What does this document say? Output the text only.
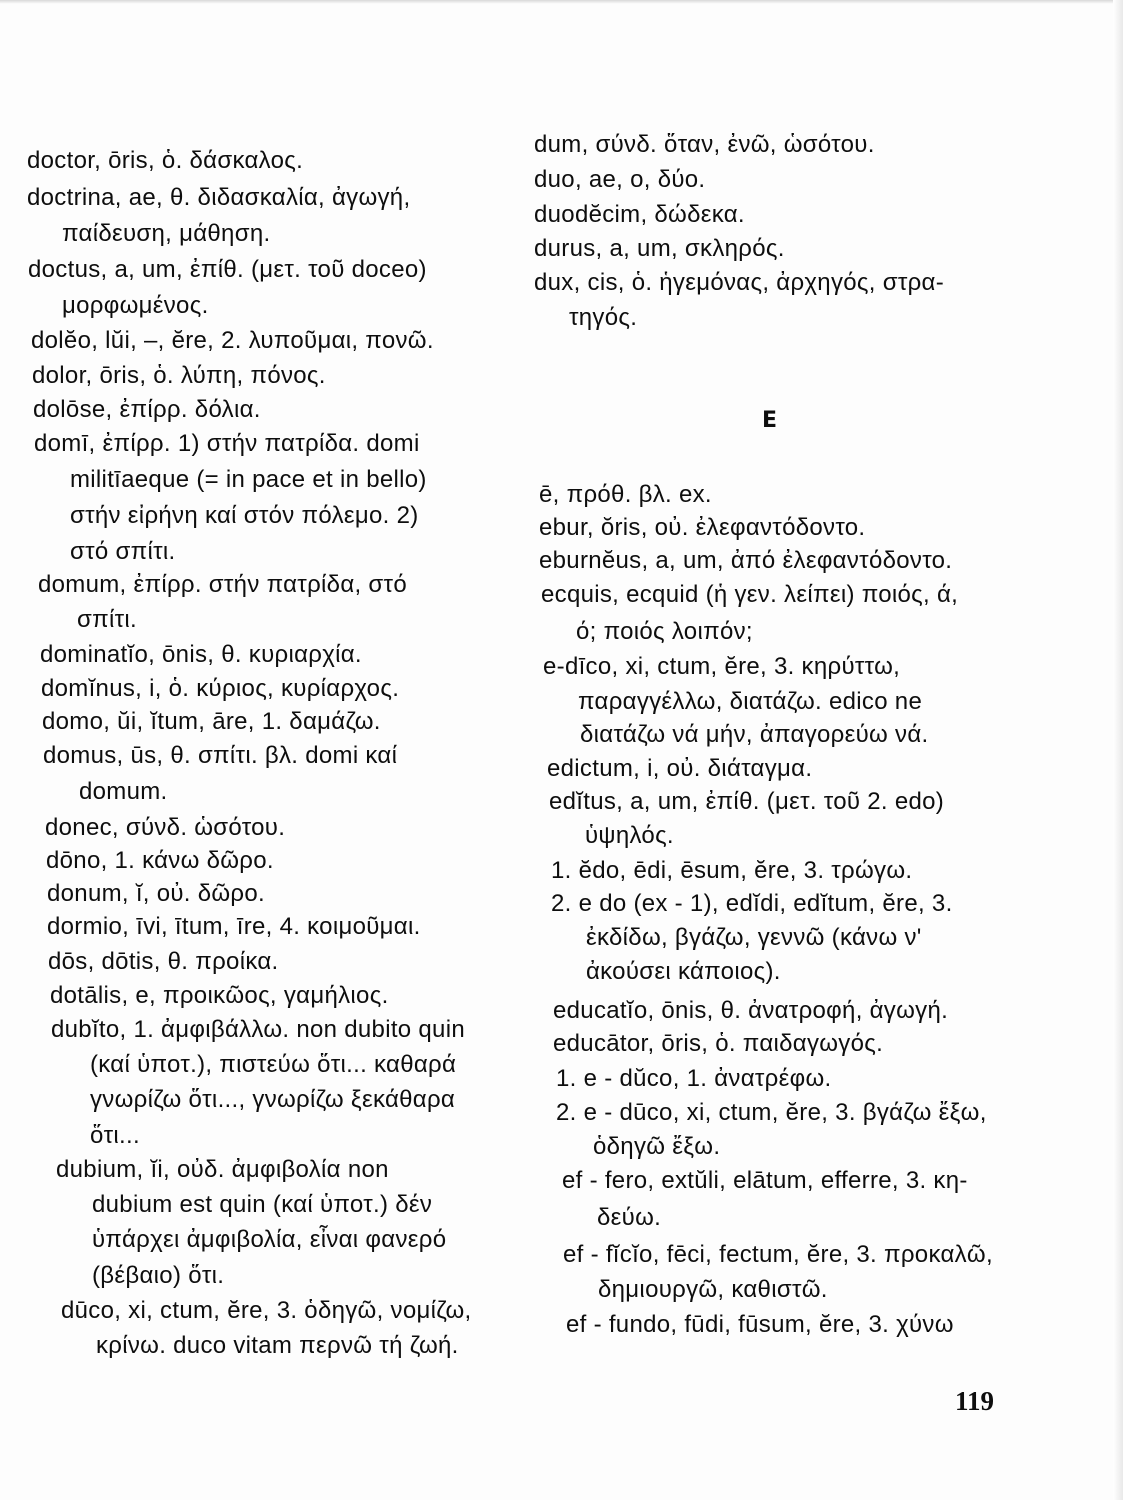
doctor, ōris, ὁ. δάσκαλος.
doctrina, ae, θ. διδασκαλία, ἀγωγή,
παίδευση, μάθηση.
doctus, a, um, ἐπίθ. (μετ. τοῦ doceo)
μορφωμένος.
dolĕo, lŭi, –, ĕre, 2. λυποῦμαι, πονῶ.
dolor, ōris, ὁ. λύπη, πόνος.
dolōse, ἐπίρρ. δόλια.
domī, ἐπίρρ. 1) στήν πατρίδα. domi
militīaeque (= in pace et in bello)
στήν εἰρήνη καί στόν πόλεμο. 2)
στό σπίτι.
domum, ἐπίρρ. στήν πατρίδα, στό
σπίτι.
dominatĭo, ōnis, θ. κυριαρχία.
domĭnus, i, ὁ. κύριος, κυρίαρχος.
domo, ŭi, ĭtum, āre, 1. δαμάζω.
domus, ūs, θ. σπίτι. βλ. domi καί
domum.
donec, σύνδ. ὡσότου.
dōno, 1. κάνω δῶρο.
donum, ĭ, οὐ. δῶρο.
dormio, īvi, ītum, īre, 4. κοιμοῦμαι.
dōs, dōtis, θ. προίκα.
dotālis, e, προικῶος, γαμήλιος.
dubĭto, 1. ἀμφιβάλλω. non dubito quin
(καί ὑποτ.), πιστεύω ὅτι... καθαρά
γνωρίζω ὅτι..., γνωρίζω ξεκάθαρα
ὅτι...
dubium, ĭi, οὐδ. ἀμφιβολία non
dubium est quin (καί ὑποτ.) δέν
ὑπάρχει ἀμφιβολία, εἶναι φανερό
(βέβαιο) ὅτι.
dūco, xi, ctum, ĕre, 3. ὁδηγῶ, νομίζω,
κρίνω. duco vitam περνῶ τή ζωή.
dum, σύνδ. ὅταν, ἐνῶ, ὡσότου.
duo, ae, o, δύο.
duodĕcim, δώδεκα.
durus, a, um, σκληρός.
dux, cis, ὁ. ἡγεμόνας, ἀρχηγός, στρα-
τηγός.
E
ē, πρόθ. βλ. ex.
ebur, ŏris, οὐ. ἐλεφαντόδοντο.
eburnĕus, a, um, ἀπό ἐλεφαντόδοντο.
ecquis, ecquid (ἡ γεν. λείπει) ποιός, ά,
ό; ποιός λοιπόν;
e-dīco, xi, ctum, ĕre, 3. κηρύττω,
παραγγέλλω, διατάζω. edico ne
διατάζω νά μήν, ἀπαγορεύω νά.
edictum, i, οὐ. διάταγμα.
edĭtus, a, um, ἐπίθ. (μετ. τοῦ 2. edo)
ὑψηλός.
1. ĕdo, ēdi, ēsum, ĕre, 3. τρώγω.
2. e do (ex - 1), edĭdi, edĭtum, ĕre, 3.
ἐκδίδω, βγάζω, γεννῶ (κάνω ν'
ἀκούσει κάποιος).
educatĭo, ōnis, θ. ἀνατροφή, ἀγωγή.
educātor, ōris, ὁ. παιδαγωγός.
1. e - dŭco, 1. ἀνατρέφω.
2. e - dūco, xi, ctum, ĕre, 3. βγάζω ἔξω,
ὁδηγῶ ἔξω.
ef - fero, extŭli, elātum, efferre, 3. κη-
δεύω.
ef - fĭcĭo, fēci, fectum, ĕre, 3. προκαλῶ,
δημιουργῶ, καθιστῶ.
ef - fundo, fūdi, fūsum, ĕre, 3. χύνω
119
